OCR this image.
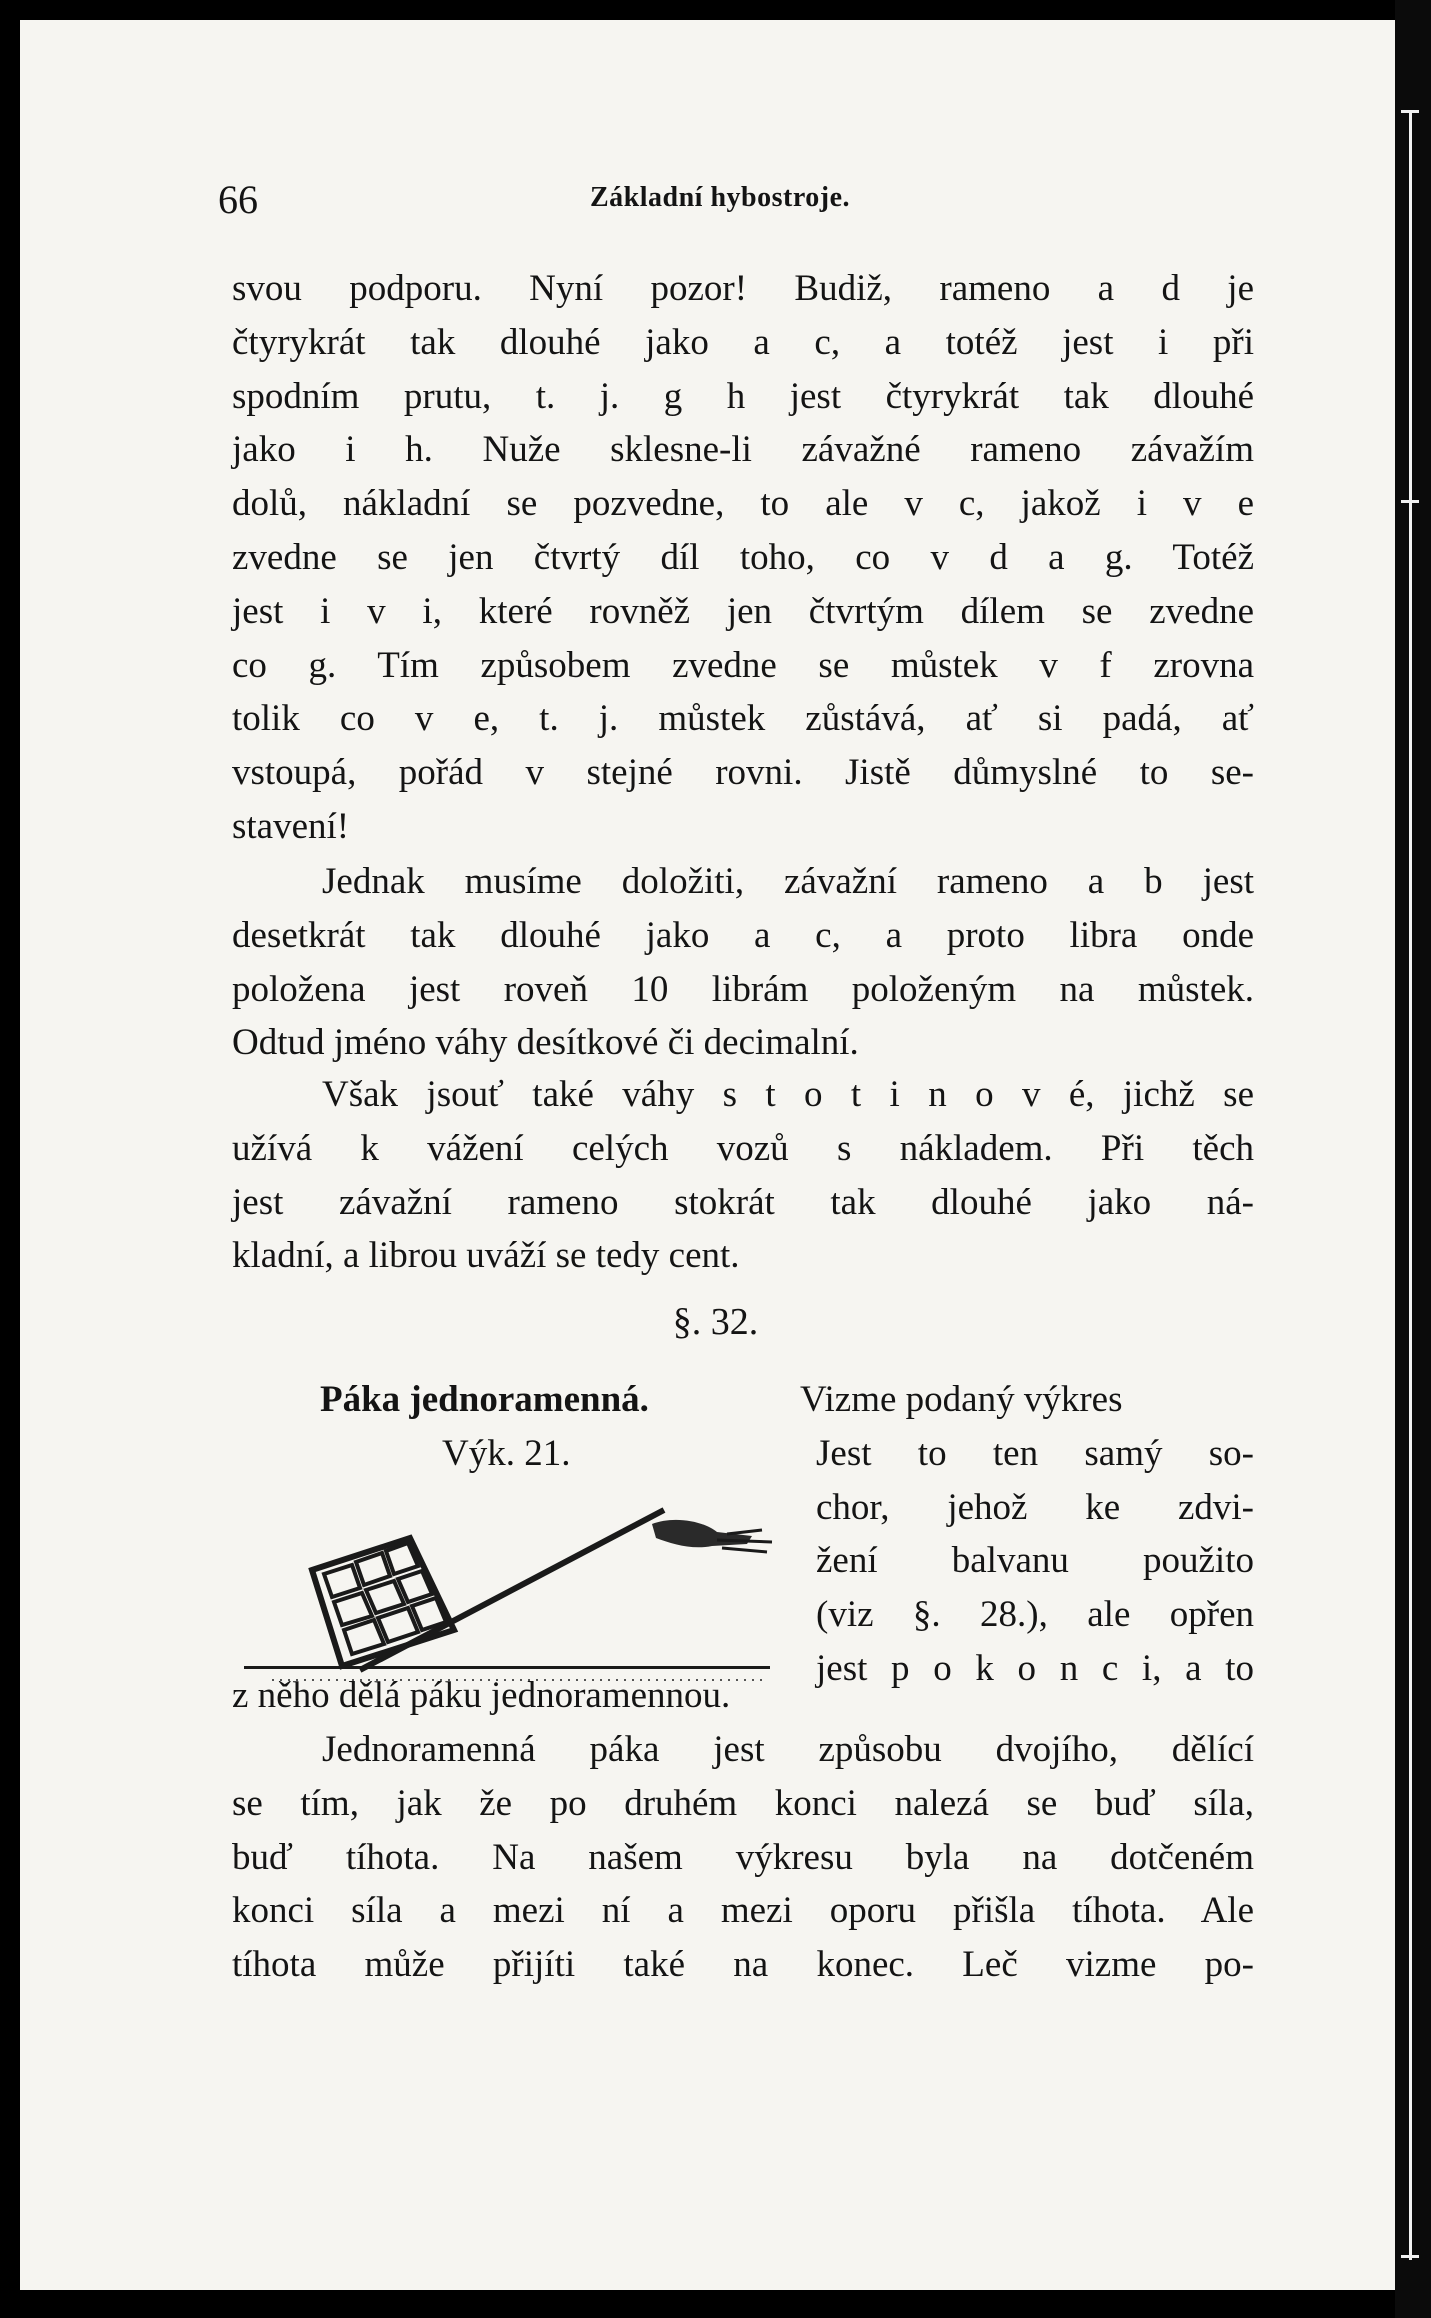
66	Základní hybostroje.
svou podporu. Nyní pozor! Budiž, rameno a d je
čtyrykrát tak dlouhé jako a c, a totéž jest i při
spodním prutu, t. j. g h jest čtyrykrát tak dlouhé
jako i h. Nuže sklesne-li závažné rameno závažím
dolů, nákladní se pozvedne, to ale v c, jakož i v e
zvedne se jen čtvrtý díl toho, co v d a g. Totéž
jest i v i, které rovněž jen čtvrtým dílem se zvedne
co g. Tím způsobem zvedne se můstek v f zrovna
tolik co v e, t. j. můstek zůstává, ať si padá, ať
vstoupá, pořád v stejné rovni. Jistě důmyslné to se-
stavení!
Jednak musíme doložiti, závažní rameno a b jest
desetkrát tak dlouhé jako a c, a proto libra onde
položena jest roveň 10 librám položeným na můstek.
Odtud jméno váhy desítkové či decimalní.
Však jsouť také váhy s t o t i n o v é, jichž se
užívá k vážení celých vozů s nákladem. Při těch
jest závažní rameno stokrát tak dlouhé jako ná-
kladní, a librou uváží se tedy cent.
§. 32.
Páka jednoramenná.
Výk. 21.
Vizme podaný výkres
Jest to ten samý so-
chor, jehož ke zdvi-
žení balvanu použito
(viz §. 28.), ale opřen
jest p o k o n c i, a to
z něho dělá páku jednoramennou.
Jednoramenná páka jest způsobu dvojího, dělící
se tím, jak že po druhém konci nalezá se buď síla,
buď tíhota. Na našem výkresu byla na dotčeném
konci síla a mezi ní a mezi oporu přišla tíhota. Ale
tíhota může přijíti také na konec. Leč vizme po-
